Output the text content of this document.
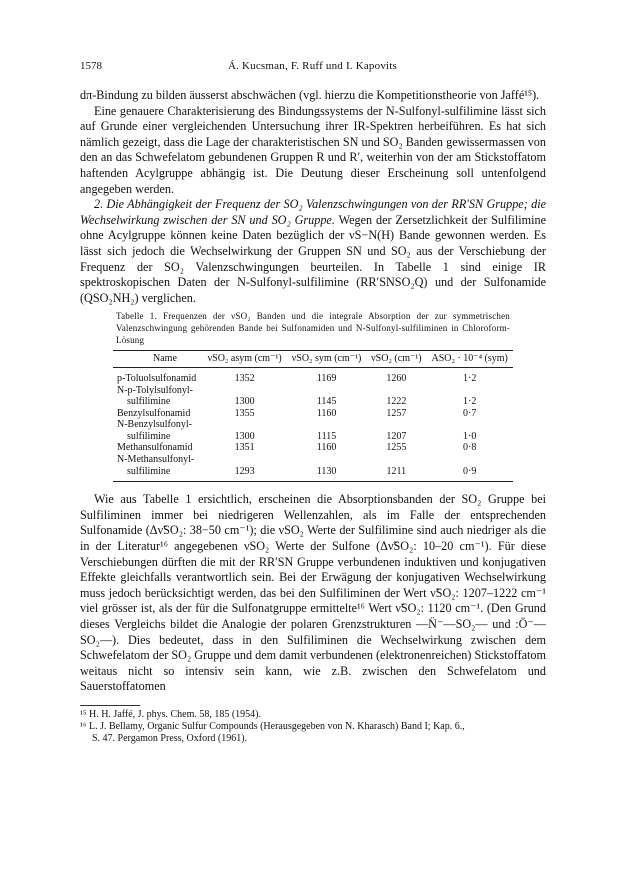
1578	Á. Kucsman, F. Ruff und I. Kapovits

dπ-Bindung zu bilden äusserst abschwächen (vgl. hierzu die Kompetitionstheorie von Jaffé¹⁵).

Eine genauere Charakterisierung des Bindungssystems der N-Sulfonyl-sulfilimine lässt sich auf Grunde einer vergleichenden Untersuchung ihrer IR-Spektren herbeiführen. Es hat sich nämlich gezeigt, dass die Lage der charakteristischen SN und SO₂ Banden gewissermassen von den an das Schwefelatom gebundenen Gruppen R und R′, weiterhin von der am Stickstoffatom haftenden Acylgruppe abhängig ist. Die Deutung dieser Erscheinung soll untenfolgend angegeben werden.

2. Die Abhängigkeit der Frequenz der SO₂ Valenzschwingungen von der RR′SN Gruppe; die Wechselwirkung zwischen der SN und SO₂ Gruppe. Wegen der Zersetzlichkeit der Sulfilimine ohne Acylgruppe können keine Daten bezüglich der νS−N(H) Bande gewonnen werden. Es lässt sich jedoch die Wechselwirkung der Gruppen SN und SO₂ aus der Verschiebung der Frequenz der SO₂ Valenzschwingungen beurteilen. In Tabelle 1 sind einige IR spektroskopischen Daten der N-Sulfonyl-sulfilimine (RR′SNSO₂Q) und der Sulfonamide (QSO₂NH₂) verglichen.

Tabelle 1. Frequenzen der νSO₂ Banden und die integrale Absorption der zur symmetrischen Valenzschwingung gehörenden Bande bei Sulfonamiden und N-Sulfonyl-sulfiliminen in Chloroform-Lösung
Name	νSO₂ asym (cm⁻¹)	νSO₂ sym (cm⁻¹)	νSO₂ (cm⁻¹)	ASO₂ · 10⁻⁴ (sym)
p-Toluolsulfonamid	1352	1169	1260	1·2
N-p-Tolylsulfonyl-
sulfilimine	1300	1145	1222	1·2
Benzylsulfonamid	1355	1160	1257	0·7
N-Benzylsulfonyl-
sulfilimine	1300	1115	1207	1·0
Methansulfonamid	1351	1160	1255	0·8
N-Methansulfonyl-
sulfilimine	1293	1130	1211	0·9

Wie aus Tabelle 1 ersichtlich, erscheinen die Absorptionsbanden der SO₂ Gruppe bei Sulfiliminen immer bei niedrigeren Wellenzahlen, als im Falle der entsprechenden Sulfonamide (Δν̃SO₂: 38−50 cm⁻¹); die νSO₂ Werte der Sulfilimine sind auch niedriger als die in der Literatur¹⁶ angegebenen νSO₂ Werte der Sulfone (Δν̃SO₂: 10–20 cm⁻¹). Für diese Verschiebungen dürften die mit der RR′SN Gruppe verbundenen induktiven und konjugativen Effekte gleichfalls verantwortlich sein. Bei der Erwägung der konjugativen Wechselwirkung muss jedoch berücksichtigt werden, das bei den Sulfiliminen der Wert ν̃SO₂: 1207–1222 cm⁻¹ viel grösser ist, als der für die Sulfonatgruppe ermittelte¹⁶ Wert ν̃SO₂: 1120 cm⁻¹. (Den Grund dieses Vergleichs bildet die Analogie der polaren Grenzstrukturen —N̈⁻—SO₂— und :Ö⁻—SO₂—). Dies bedeutet, dass in den Sulfiliminen die Wechselwirkung zwischen dem Schwefelatom der SO₂ Gruppe und dem damit verbundenen (elektronenreichen) Stickstoffatom weitaus nicht so intensiv sein kann, wie z.B. zwischen den Schwefelatom und Sauerstoffatomen

¹⁵ H. H. Jaffé, J. phys. Chem. 58, 185 (1954).

¹⁶ L. J. Bellamy, Organic Sulfur Compounds (Herausgegeben von N. Kharasch) Band I; Kap. 6.,

S. 47. Pergamon Press, Oxford (1961).
